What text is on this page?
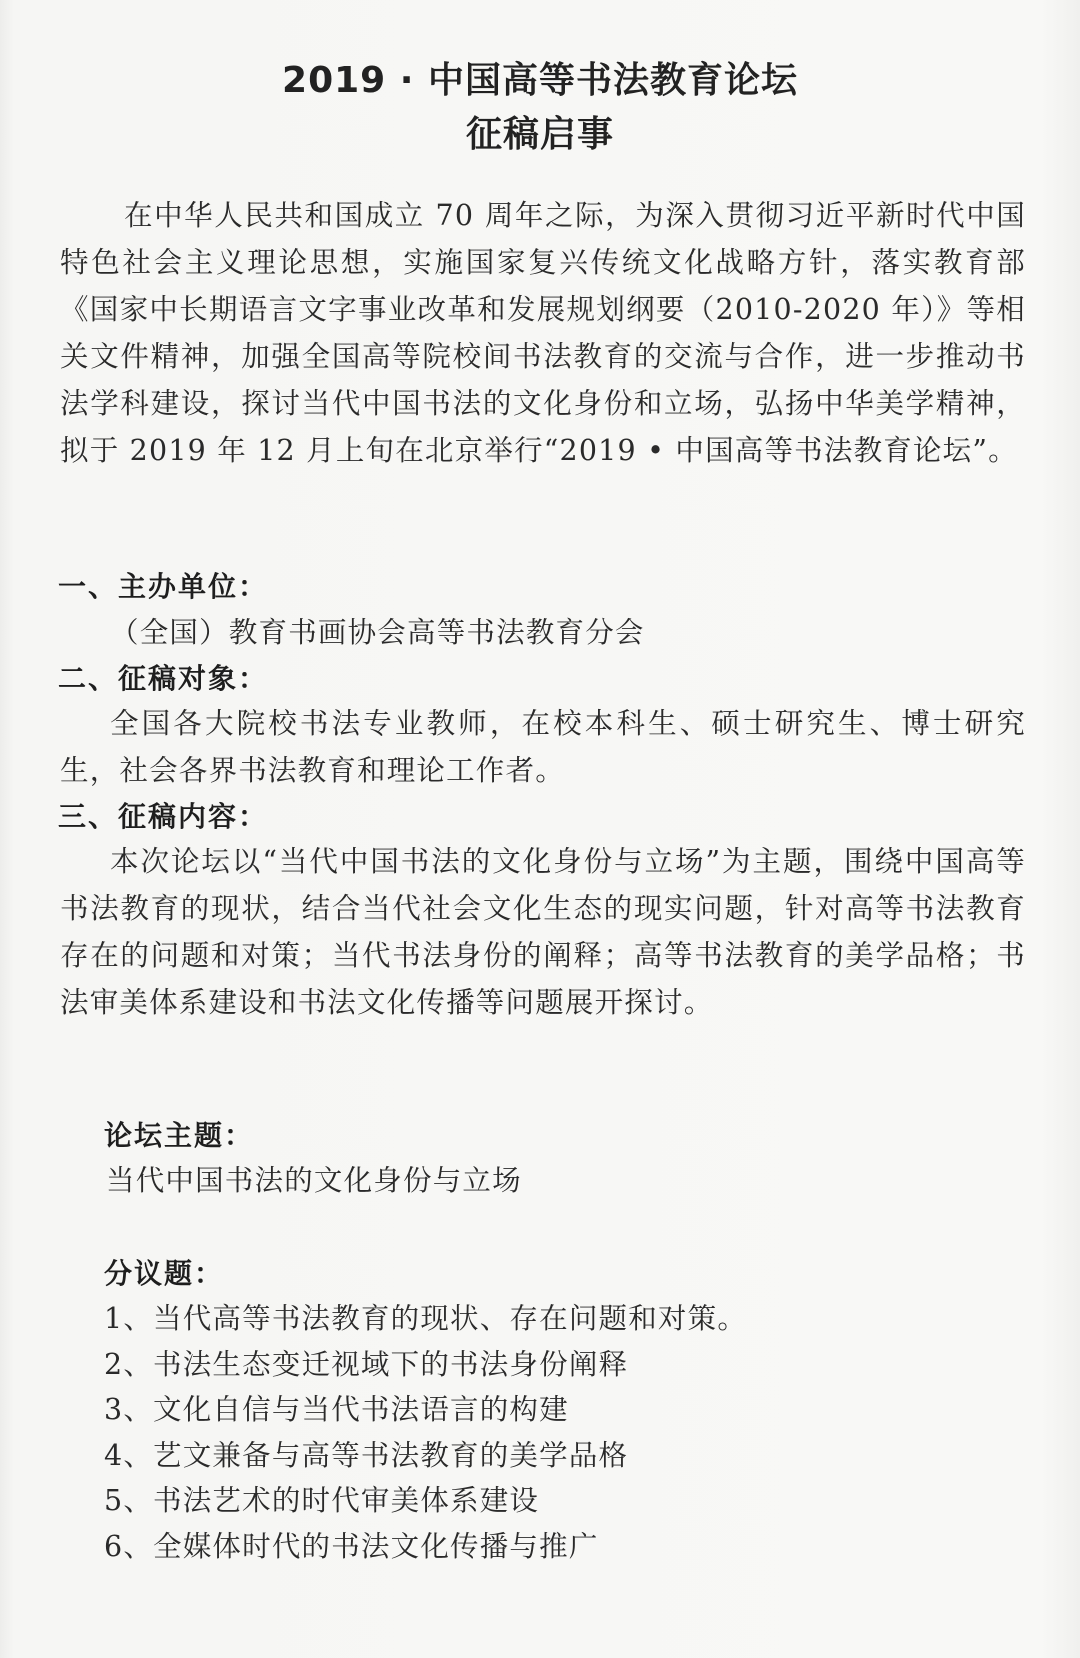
2019 · 中国高等书法教育论坛
征稿启事
在中华人民共和国成立 70 周年之际，为深入贯彻习近平新时代中国特色社会主义理论思想，实施国家复兴传统文化战略方针，落实教育部《国家中长期语言文字事业改革和发展规划纲要（2010-2020 年）》等相关文件精神，加强全国高等院校间书法教育的交流与合作，进一步推动书法学科建设，探讨当代中国书法的文化身份和立场，弘扬中华美学精神，拟于 2019 年 12 月上旬在北京举行“2019 • 中国高等书法教育论坛”。
一、主办单位：
（全国）教育书画协会高等书法教育分会
二、征稿对象：
全国各大院校书法专业教师，在校本科生、硕士研究生、博士研究生，社会各界书法教育和理论工作者。
三、征稿内容：
本次论坛以“当代中国书法的文化身份与立场”为主题，围绕中国高等书法教育的现状，结合当代社会文化生态的现实问题，针对高等书法教育存在的问题和对策；当代书法身份的阐释；高等书法教育的美学品格；书法审美体系建设和书法文化传播等问题展开探讨。
论坛主题：
当代中国书法的文化身份与立场
分议题：
1、当代高等书法教育的现状、存在问题和对策。
2、书法生态变迁视域下的书法身份阐释
3、文化自信与当代书法语言的构建
4、艺文兼备与高等书法教育的美学品格
5、书法艺术的时代审美体系建设
6、全媒体时代的书法文化传播与推广
